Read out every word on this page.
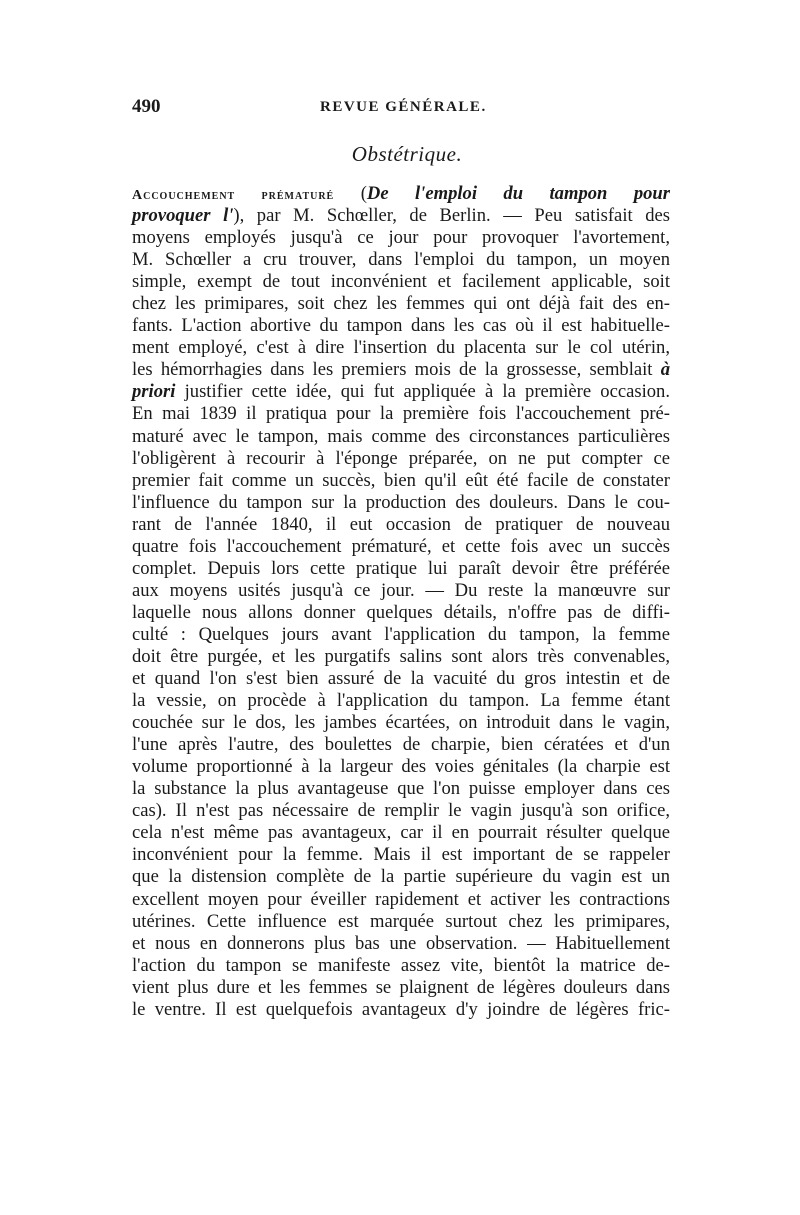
490	REVUE GÉNÉRALE.
Obstétrique.
Accouchement prématuré (De l'emploi du tampon pour
provoquer l'), par M. Schœller, de Berlin. — Peu satisfait des
moyens employés jusqu'à ce jour pour provoquer l'avortement,
M. Schœller a cru trouver, dans l'emploi du tampon, un moyen
simple, exempt de tout inconvénient et facilement applicable, soit
chez les primipares, soit chez les femmes qui ont déjà fait des en-
fants. L'action abortive du tampon dans les cas où il est habituelle-
ment employé, c'est à dire l'insertion du placenta sur le col utérin,
les hémorrhagies dans les premiers mois de la grossesse, semblait à
priori justifier cette idée, qui fut appliquée à la première occasion.
En mai 1839 il pratiqua pour la première fois l'accouchement pré-
maturé avec le tampon, mais comme des circonstances particulières
l'obligèrent à recourir à l'éponge préparée, on ne put compter ce
premier fait comme un succès, bien qu'il eût été facile de constater
l'influence du tampon sur la production des douleurs. Dans le cou-
rant de l'année 1840, il eut occasion de pratiquer de nouveau
quatre fois l'accouchement prématuré, et cette fois avec un succès
complet. Depuis lors cette pratique lui paraît devoir être préférée
aux moyens usités jusqu'à ce jour. — Du reste la manœuvre sur
laquelle nous allons donner quelques détails, n'offre pas de diffi-
culté : Quelques jours avant l'application du tampon, la femme
doit être purgée, et les purgatifs salins sont alors très convenables,
et quand l'on s'est bien assuré de la vacuité du gros intestin et de
la vessie, on procède à l'application du tampon. La femme étant
couchée sur le dos, les jambes écartées, on introduit dans le vagin,
l'une après l'autre, des boulettes de charpie, bien cératées et d'un
volume proportionné à la largeur des voies génitales (la charpie est
la substance la plus avantageuse que l'on puisse employer dans ces
cas). Il n'est pas nécessaire de remplir le vagin jusqu'à son orifice,
cela n'est même pas avantageux, car il en pourrait résulter quelque
inconvénient pour la femme. Mais il est important de se rappeler
que la distension complète de la partie supérieure du vagin est un
excellent moyen pour éveiller rapidement et activer les contractions
utérines. Cette influence est marquée surtout chez les primipares,
et nous en donnerons plus bas une observation. — Habituellement
l'action du tampon se manifeste assez vite, bientôt la matrice de-
vient plus dure et les femmes se plaignent de légères douleurs dans
le ventre. Il est quelquefois avantageux d'y joindre de légères fric-
